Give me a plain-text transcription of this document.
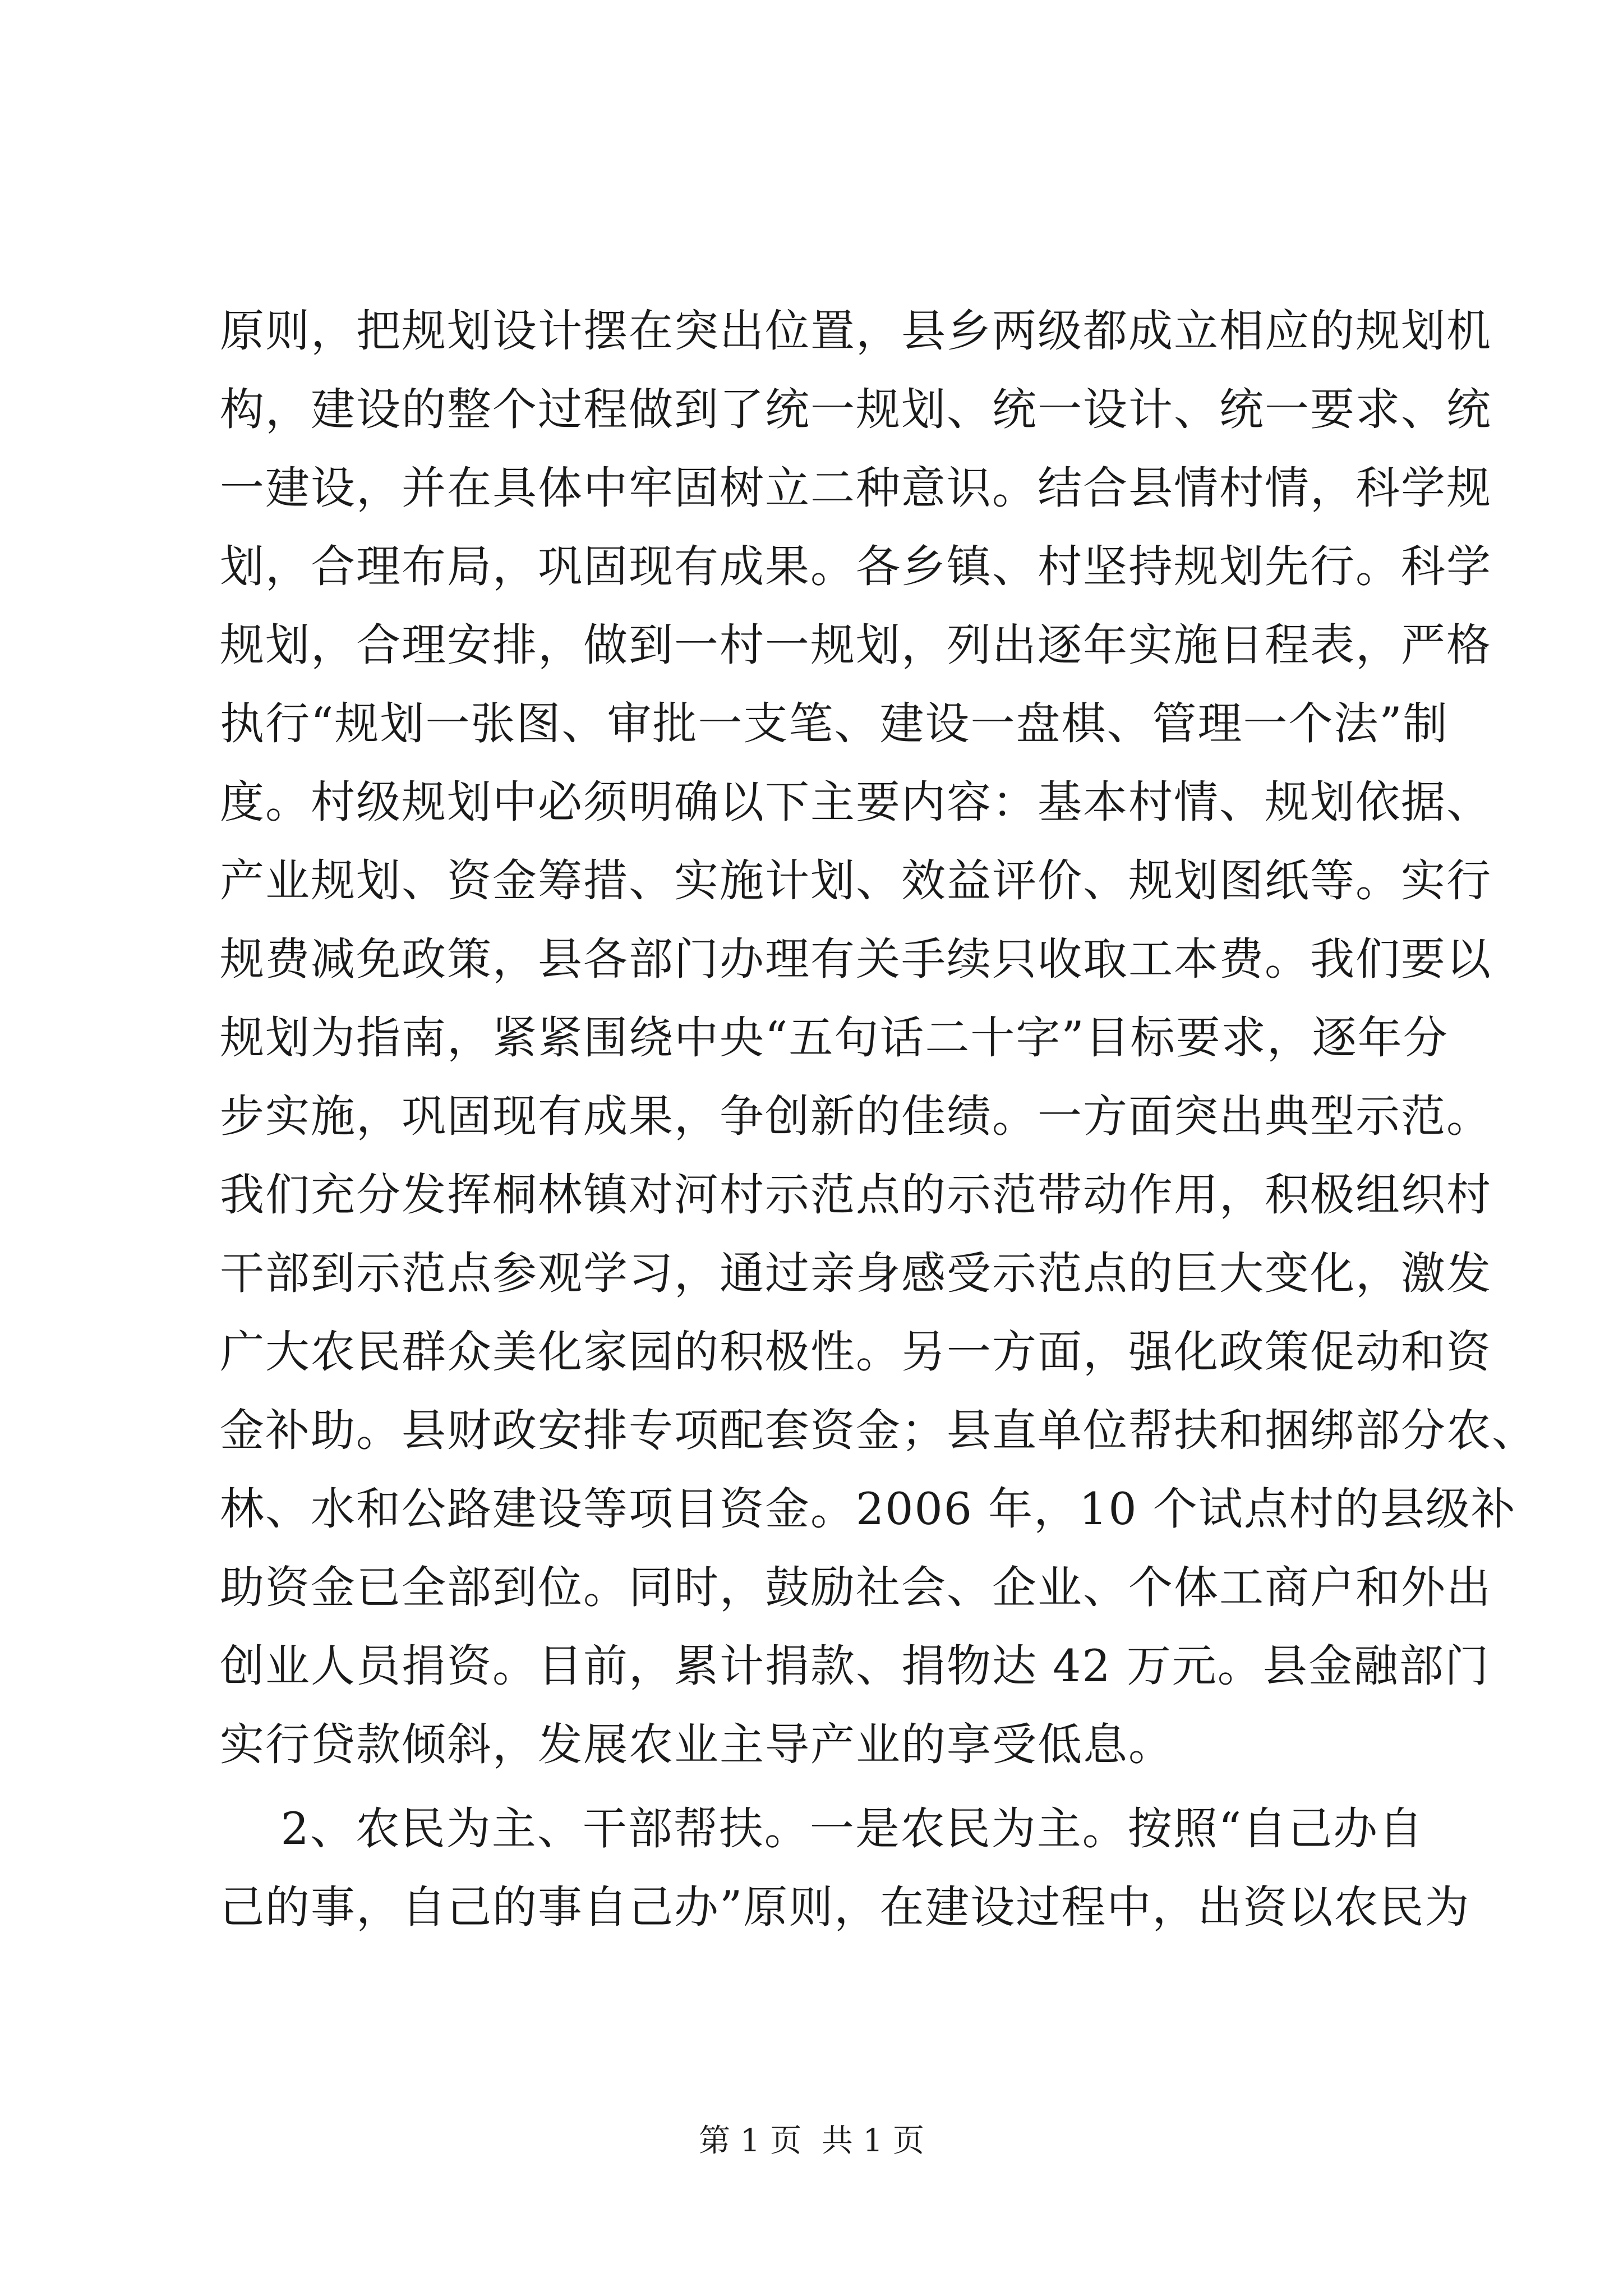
原则，把规划设计摆在突出位置，县乡两级都成立相应的规划机
构，建设的整个过程做到了统一规划、统一设计、统一要求、统
一建设，并在具体中牢固树立二种意识。结合县情村情，科学规
划，合理布局，巩固现有成果。各乡镇、村坚持规划先行。科学
规划，合理安排，做到一村一规划，列出逐年实施日程表，严格
执行“规划一张图、审批一支笔、建设一盘棋、管理一个法”制
度。村级规划中必须明确以下主要内容：基本村情、规划依据、
产业规划、资金筹措、实施计划、效益评价、规划图纸等。实行
规费减免政策，县各部门办理有关手续只收取工本费。我们要以
规划为指南，紧紧围绕中央“五句话二十字”目标要求，逐年分
步实施，巩固现有成果，争创新的佳绩。一方面突出典型示范。
我们充分发挥桐林镇对河村示范点的示范带动作用，积极组织村
干部到示范点参观学习，通过亲身感受示范点的巨大变化，激发
广大农民群众美化家园的积极性。另一方面，强化政策促动和资
金补助。县财政安排专项配套资金；县直单位帮扶和捆绑部分农、
林、水和公路建设等项目资金。2006 年，10 个试点村的县级补
助资金已全部到位。同时，鼓励社会、企业、个体工商户和外出
创业人员捐资。目前，累计捐款、捐物达 42 万元。县金融部门
实行贷款倾斜，发展农业主导产业的享受低息。
2、农民为主、干部帮扶。一是农民为主。按照“自己办自
己的事，自己的事自己办”原则，在建设过程中，出资以农民为
第 1 页  共 1 页
